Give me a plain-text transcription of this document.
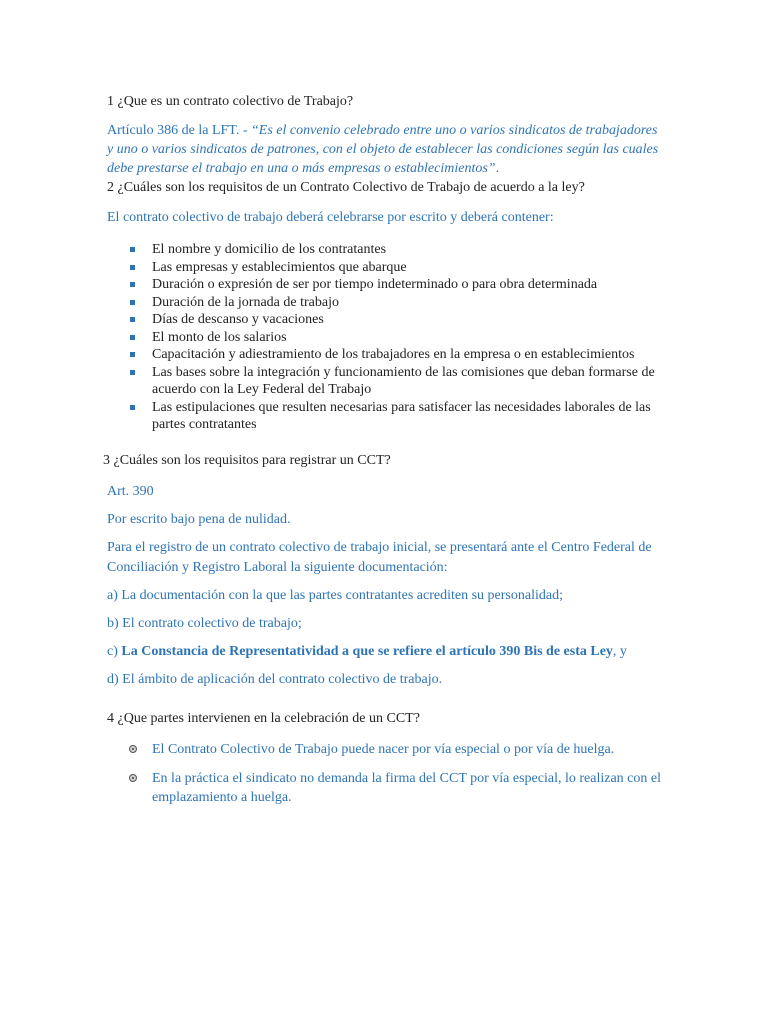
1 ¿Que es un contrato colectivo de Trabajo?

Artículo 386 de la LFT. - “Es el convenio celebrado entre uno o varios sindicatos de trabajadores y uno o varios sindicatos de patrones, con el objeto de establecer las condiciones según las cuales debe prestarse el trabajo en una o más empresas o establecimientos”.

2 ¿Cuáles son los requisitos de un Contrato Colectivo de Trabajo de acuerdo a la ley?

El contrato colectivo de trabajo deberá celebrarse por escrito y deberá contener:
El nombre y domicilio de los contratantes
Las empresas y establecimientos que abarque
Duración o expresión de ser por tiempo indeterminado o para obra determinada
Duración de la jornada de trabajo
Días de descanso y vacaciones
El monto de los salarios
Capacitación y adiestramiento de los trabajadores en la empresa o en establecimientos
Las bases sobre la integración y funcionamiento de las comisiones que deban formarse de acuerdo con la Ley Federal del Trabajo
Las estipulaciones que resulten necesarias para satisfacer las necesidades laborales de las partes contratantes

3 ¿Cuáles son los requisitos para registrar un CCT?

Art. 390

Por escrito bajo pena de nulidad.

Para el registro de un contrato colectivo de trabajo inicial, se presentará ante el Centro Federal de Conciliación y Registro Laboral la siguiente documentación:

a) La documentación con la que las partes contratantes acrediten su personalidad;

b) El contrato colectivo de trabajo;

c) La Constancia de Representatividad a que se refiere el artículo 390 Bis de esta Ley, y

d) El ámbito de aplicación del contrato colectivo de trabajo.

4 ¿Que partes intervienen en la celebración de un CCT?

El Contrato Colectivo de Trabajo puede nacer por vía especial o por vía de huelga.
En la práctica el sindicato no demanda la firma del CCT por vía especial, lo realizan con el emplazamiento a huelga.
